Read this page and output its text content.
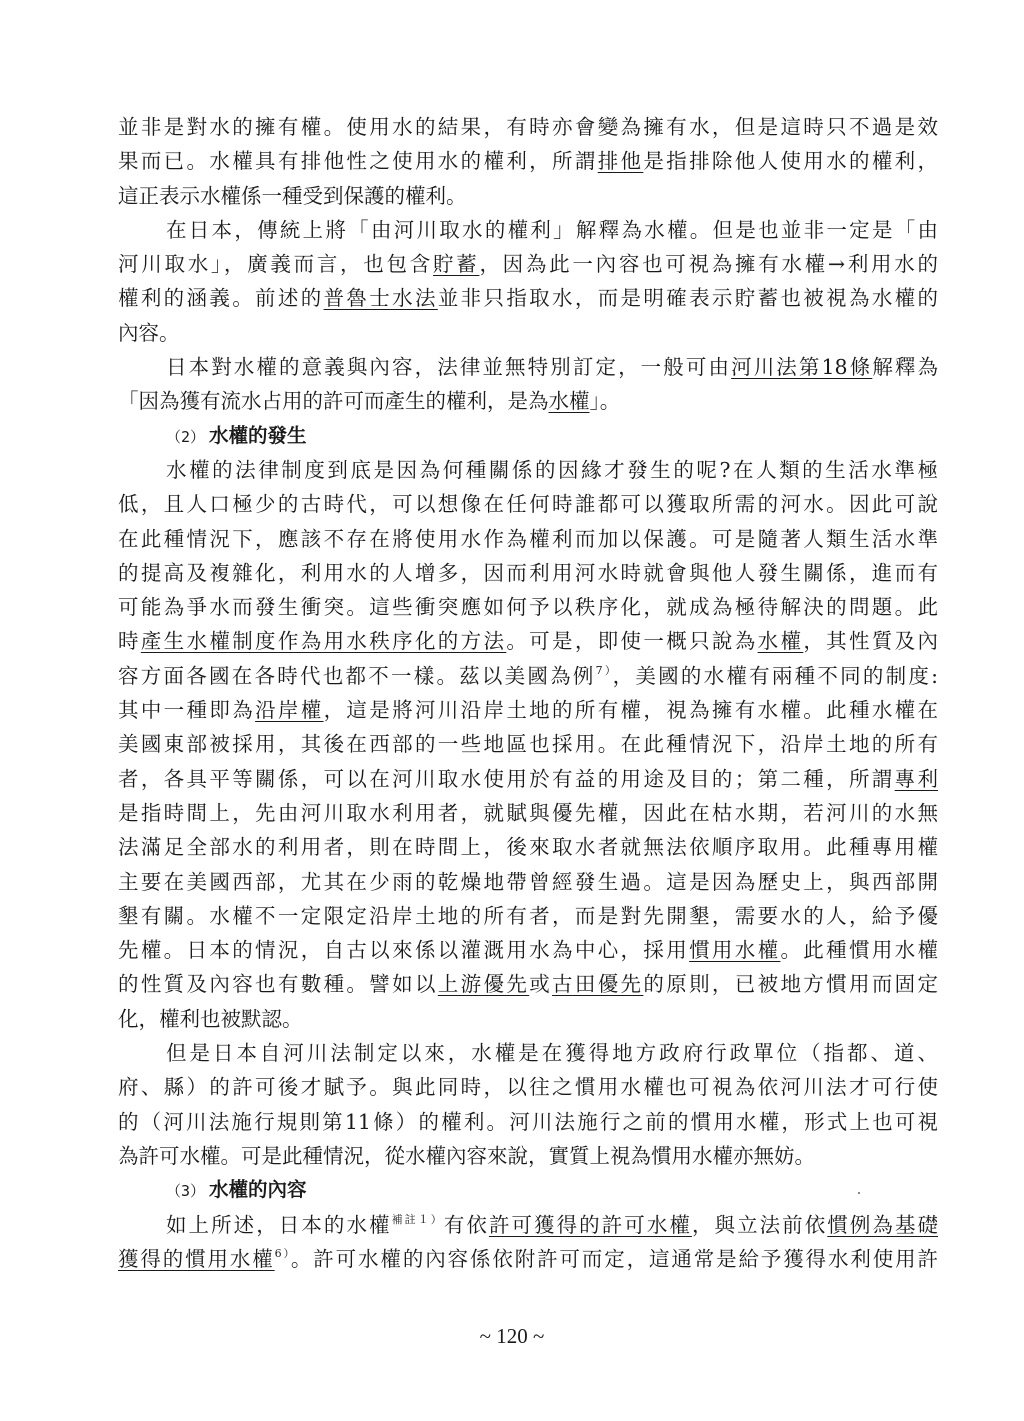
並非是對水的擁有權。使用水的結果，有時亦會變為擁有水，但是這時只不過是效
果而已。水權具有排他性之使用水的權利，所謂排他是指排除他人使用水的權利，
這正表示水權係一種受到保護的權利。
在日本，傳統上將「由河川取水的權利」解釋為水權。但是也並非一定是「由
河川取水」，廣義而言，也包含貯蓄，因為此一內容也可視為擁有水權→利用水的
權利的涵義。前述的普魯士水法並非只指取水，而是明確表示貯蓄也被視為水權的
內容。
日本對水權的意義與內容，法律並無特別訂定，一般可由河川法第18條解釋為
「因為獲有流水占用的許可而產生的權利，是為水權」。
（2） 水權的發生
水權的法律制度到底是因為何種關係的因緣才發生的呢?在人類的生活水準極
低，且人口極少的古時代，可以想像在任何時誰都可以獲取所需的河水。因此可說
在此種情況下，應該不存在將使用水作為權利而加以保護。可是隨著人類生活水準
的提高及複雜化，利用水的人增多，因而利用河水時就會與他人發生關係，進而有
可能為爭水而發生衝突。這些衝突應如何予以秩序化，就成為極待解決的問題。此
時產生水權制度作為用水秩序化的方法。可是，即使一概只說為水權，其性質及內
容方面各國在各時代也都不一樣。茲以美國為例$^{7)}$，美國的水權有兩種不同的制度:
其中一種即為沿岸權，這是將河川沿岸土地的所有權，視為擁有水權。此種水權在
美國東部被採用，其後在西部的一些地區也採用。在此種情況下，沿岸土地的所有
者，各具平等關係，可以在河川取水使用於有益的用途及目的；第二種，所謂專利
是指時間上，先由河川取水利用者，就賦與優先權，因此在枯水期，若河川的水無
法滿足全部水的利用者，則在時間上，後來取水者就無法依順序取用。此種專用權
主要在美國西部，尤其在少雨的乾燥地帶曾經發生過。這是因為歷史上，與西部開
墾有關。水權不一定限定沿岸土地的所有者，而是對先開墾，需要水的人，給予優
先權。日本的情況，自古以來係以灌溉用水為中心，採用慣用水權。此種慣用水權
的性質及內容也有數種。譬如以上游優先或古田優先的原則，已被地方慣用而固定
化，權利也被默認。
但是日本自河川法制定以來，水權是在獲得地方政府行政單位（指都、道、
府、縣）的許可後才賦予。與此同時，以往之慣用水權也可視為依河川法才可行使
的（河川法施行規則第11條）的權利。河川法施行之前的慣用水權，形式上也可視
為許可水權。可是此種情況，從水權內容來說，實質上視為慣用水權亦無妨。
（3） 水權的內容
如上所述，日本的水權$^{補註1)}$有依許可獲得的許可水權，與立法前依慣例為基礎
獲得的慣用水權$^{6)}$。許可水權的內容係依附許可而定，這通常是給予獲得水利使用許
~ 120 ~
